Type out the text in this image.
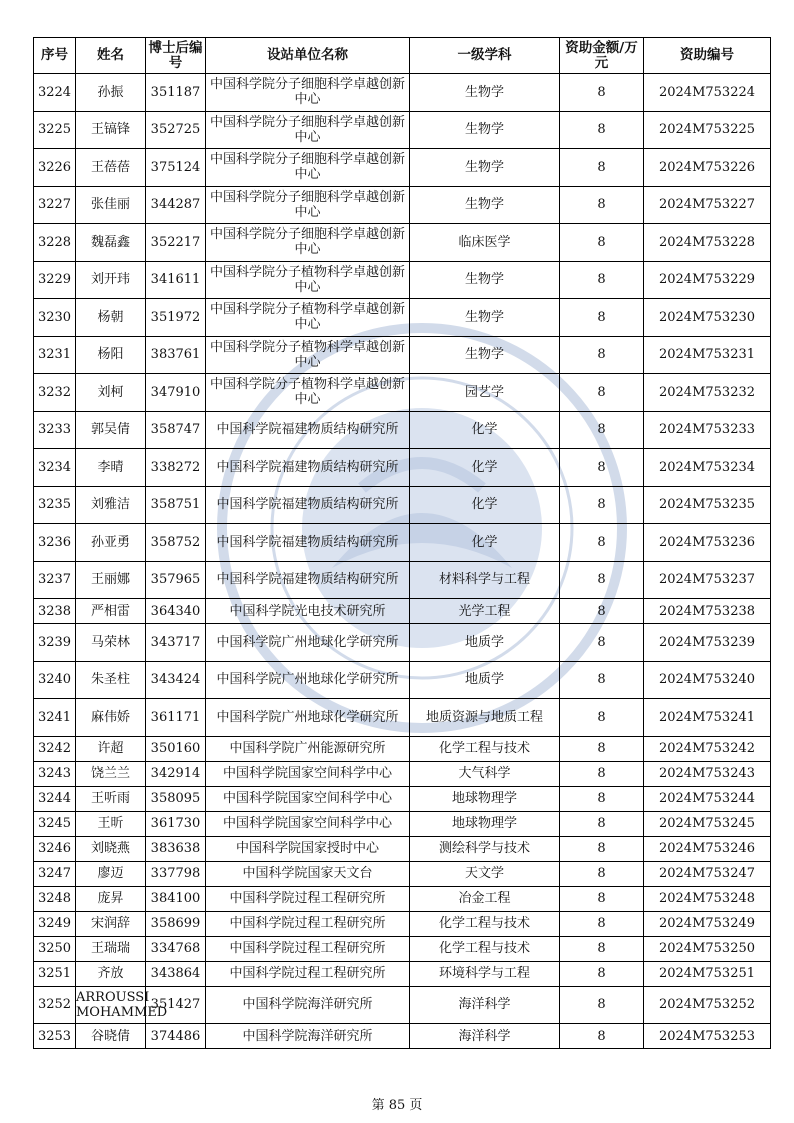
序号	姓名	博士后编号	设站单位名称	一级学科	资助金额/万元	资助编号
3224	孙振	351187	中国科学院分子细胞科学卓越创新中心	生物学	8	2024M753224
3225	王镐锋	352725	中国科学院分子细胞科学卓越创新中心	生物学	8	2024M753225
3226	王蓓蓓	375124	中国科学院分子细胞科学卓越创新中心	生物学	8	2024M753226
3227	张佳丽	344287	中国科学院分子细胞科学卓越创新中心	生物学	8	2024M753227
3228	魏磊鑫	352217	中国科学院分子细胞科学卓越创新中心	临床医学	8	2024M753228
3229	刘开玮	341611	中国科学院分子植物科学卓越创新中心	生物学	8	2024M753229
3230	杨朝	351972	中国科学院分子植物科学卓越创新中心	生物学	8	2024M753230
3231	杨阳	383761	中国科学院分子植物科学卓越创新中心	生物学	8	2024M753231
3232	刘柯	347910	中国科学院分子植物科学卓越创新中心	园艺学	8	2024M753232
3233	郭吴倩	358747	中国科学院福建物质结构研究所	化学	8	2024M753233
3234	李晴	338272	中国科学院福建物质结构研究所	化学	8	2024M753234
3235	刘雅洁	358751	中国科学院福建物质结构研究所	化学	8	2024M753235
3236	孙亚勇	358752	中国科学院福建物质结构研究所	化学	8	2024M753236
3237	王丽娜	357965	中国科学院福建物质结构研究所	材料科学与工程	8	2024M753237
3238	严相雷	364340	中国科学院光电技术研究所	光学工程	8	2024M753238
3239	马荣林	343717	中国科学院广州地球化学研究所	地质学	8	2024M753239
3240	朱圣柱	343424	中国科学院广州地球化学研究所	地质学	8	2024M753240
3241	麻伟娇	361171	中国科学院广州地球化学研究所	地质资源与地质工程	8	2024M753241
3242	许超	350160	中国科学院广州能源研究所	化学工程与技术	8	2024M753242
3243	饶兰兰	342914	中国科学院国家空间科学中心	大气科学	8	2024M753243
3244	王听雨	358095	中国科学院国家空间科学中心	地球物理学	8	2024M753244
3245	王昕	361730	中国科学院国家空间科学中心	地球物理学	8	2024M753245
3246	刘晓燕	383638	中国科学院国家授时中心	测绘科学与技术	8	2024M753246
3247	廖迈	337798	中国科学院国家天文台	天文学	8	2024M753247
3248	庞昇	384100	中国科学院过程工程研究所	冶金工程	8	2024M753248
3249	宋润辞	358699	中国科学院过程工程研究所	化学工程与技术	8	2024M753249
3250	王瑞瑞	334768	中国科学院过程工程研究所	化学工程与技术	8	2024M753250
3251	齐放	343864	中国科学院过程工程研究所	环境科学与工程	8	2024M753251
3252	ARROUSSI MOHAMMED	351427	中国科学院海洋研究所	海洋科学	8	2024M753252
3253	谷晓倩	374486	中国科学院海洋研究所	海洋科学	8	2024M753253
第 85 页
